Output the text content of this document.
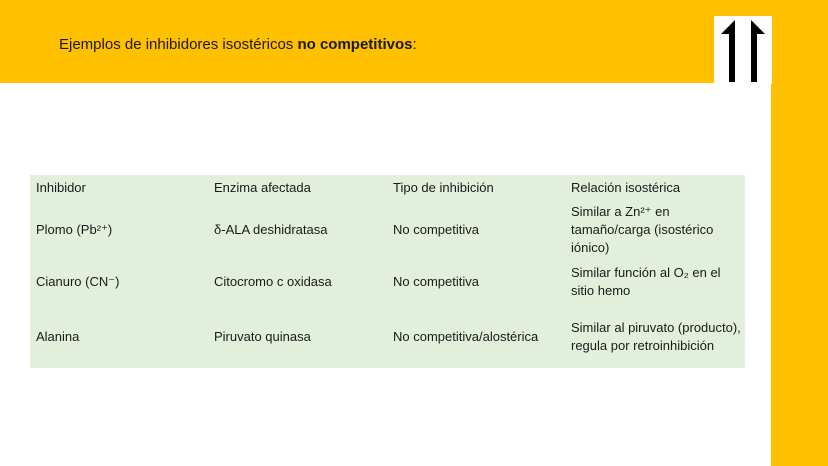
Ejemplos de inhibidores isostéricos no competitivos:
Inhibidor	Enzima afectada	Tipo de inhibición	Relación isostérica
Plomo (Pb²⁺)	δ-ALA deshidratasa	No competitiva	Similar a Zn²⁺ en tamaño/carga (isostérico iónico)
Cianuro (CN⁻)	Citocromo c oxidasa	No competitiva	Similar función al O₂ en el sitio hemo
Alanina	Piruvato quinasa	No competitiva/alostérica	Similar al piruvato (producto), regula por retroinhibición
